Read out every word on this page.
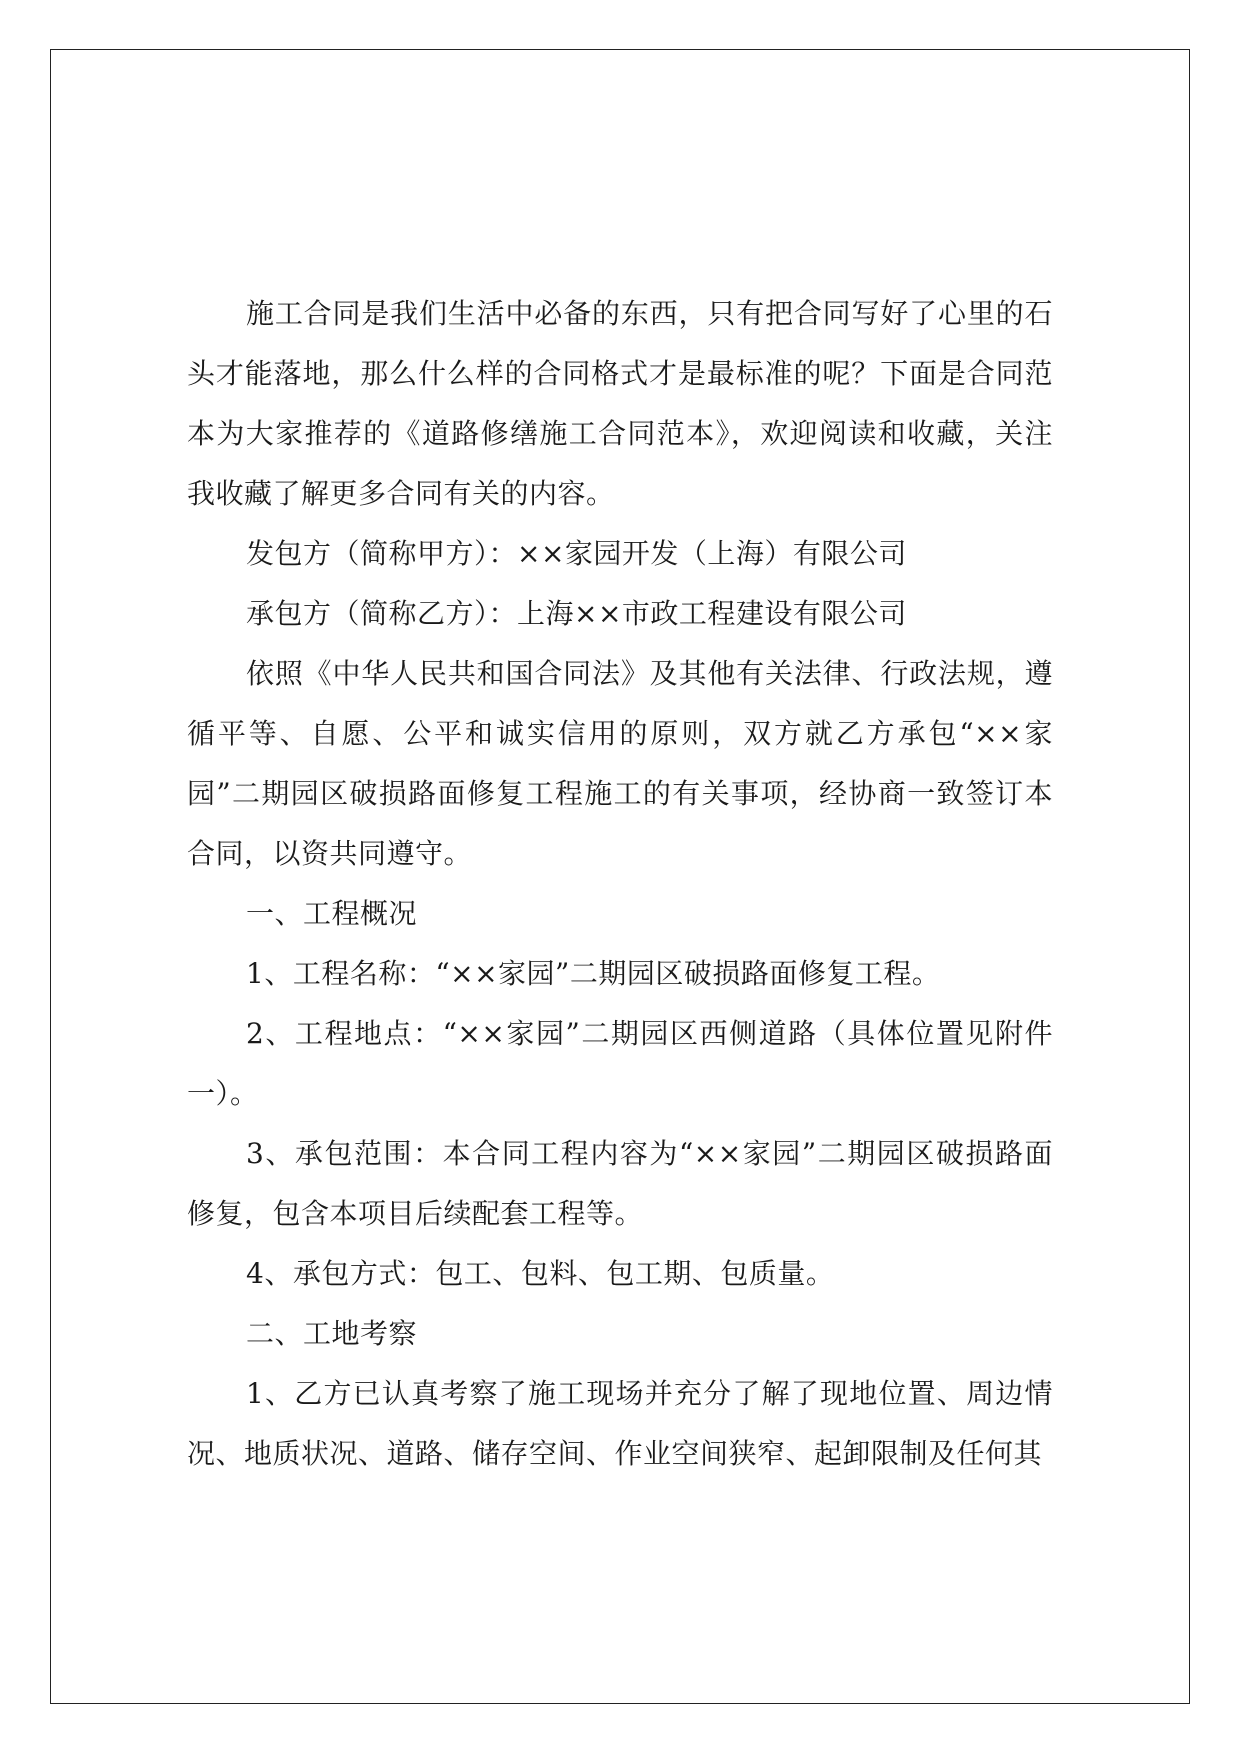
施工合同是我们生活中必备的东西，只有把合同写好了心里的石头才能落地，那么什么样的合同格式才是最标准的呢？下面是合同范本为大家推荐的《道路修缮施工合同范本》，欢迎阅读和收藏，关注我收藏了解更多合同有关的内容。

发包方（简称甲方）：××家园开发（上海）有限公司

承包方（简称乙方）：上海××市政工程建设有限公司

依照《中华人民共和国合同法》及其他有关法律、行政法规，遵循平等、自愿、公平和诚实信用的原则，双方就乙方承包“××家园”二期园区破损路面修复工程施工的有关事项，经协商一致签订本合同，以资共同遵守。

一、工程概况

1、工程名称：“××家园”二期园区破损路面修复工程。

2、工程地点：“××家园”二期园区西侧道路（具体位置见附件一）。

3、承包范围：本合同工程内容为“××家园”二期园区破损路面修复，包含本项目后续配套工程等。

4、承包方式：包工、包料、包工期、包质量。

二、工地考察

1、乙方已认真考察了施工现场并充分了解了现地位置、周边情况、地质状况、道路、储存空间、作业空间狭窄、起卸限制及任何其
